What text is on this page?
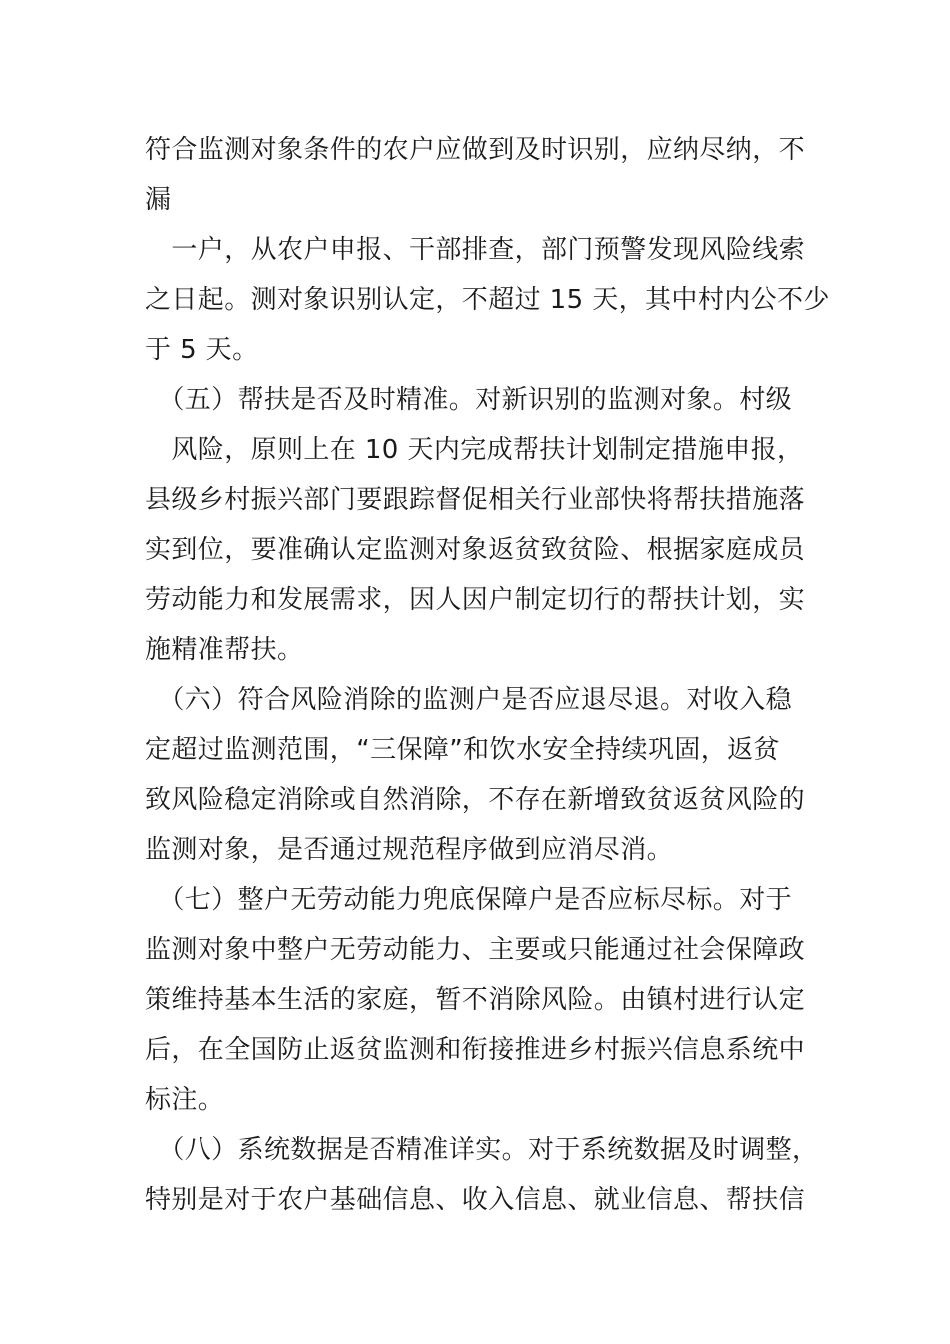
符合监测对象条件的农户应做到及时识别，应纳尽纳，不
漏
　一户，从农户申报、干部排查，部门预警发现风险线索
之日起。测对象识别认定，不超过 15 天，其中村内公不少
于 5 天。
　（五）帮扶是否及时精准。对新识别的监测对象。村级
　风险，原则上在 10 天内完成帮扶计划制定措施申报，
县级乡村振兴部门要跟踪督促相关行业部快将帮扶措施落
实到位，要准确认定监测对象返贫致贫险、根据家庭成员
劳动能力和发展需求，因人因户制定切行的帮扶计划，实
施精准帮扶。
　（六）符合风险消除的监测户是否应退尽退。对收入稳
定超过监测范围，“三保障”和饮水安全持续巩固，返贫
致风险稳定消除或自然消除，不存在新增致贫返贫风险的
监测对象，是否通过规范程序做到应消尽消。
　（七）整户无劳动能力兜底保障户是否应标尽标。对于
监测对象中整户无劳动能力、主要或只能通过社会保障政
策维持基本生活的家庭，暂不消除风险。由镇村进行认定
后，在全国防止返贫监测和衔接推进乡村振兴信息系统中
标注。
　（八）系统数据是否精准详实。对于系统数据及时调整，
特别是对于农户基础信息、收入信息、就业信息、帮扶信
